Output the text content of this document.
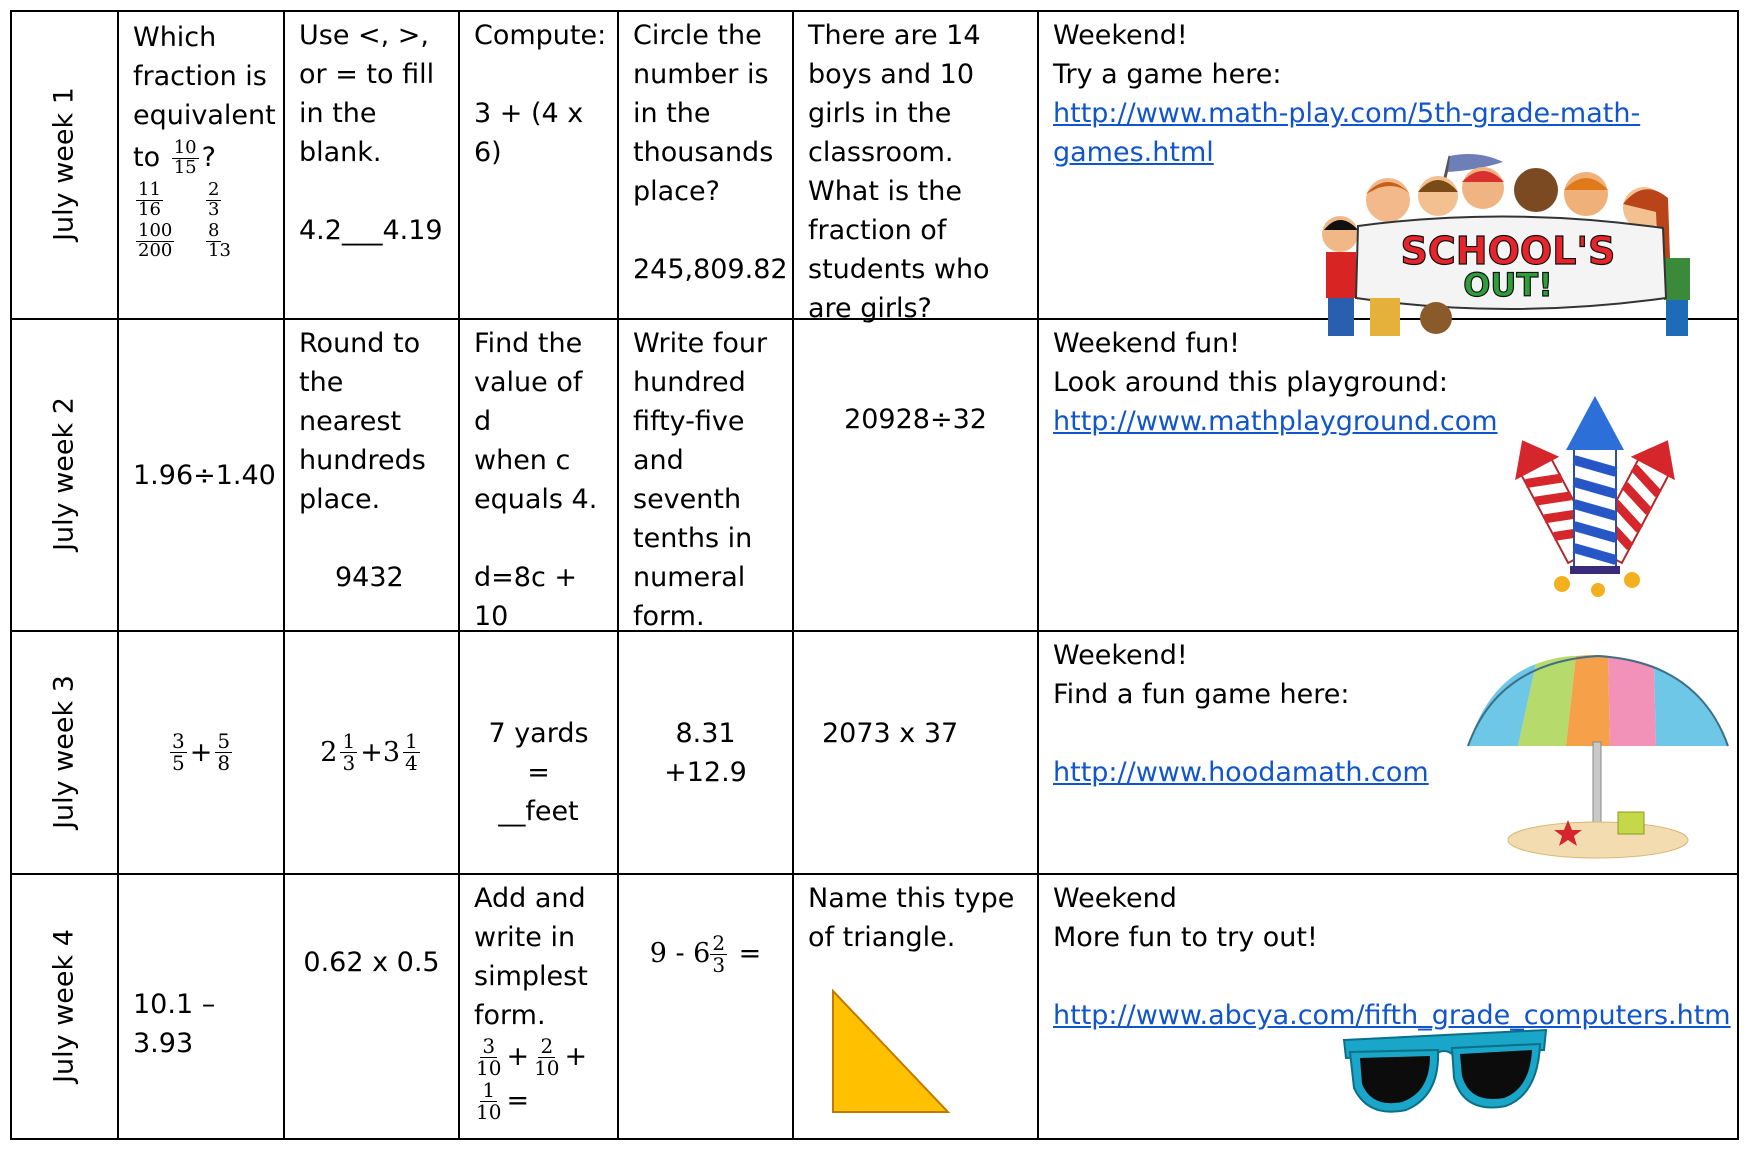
July week 1
July week 2
July week 3
July week 4
Which
fraction is
equivalent
to $\frac{10}{15}$ ?
$\frac{11}{16} \frac{2}{3}$
$\frac{100}{200} \frac{8}{13}$
Use <, >,
or = to fill
in the
blank.
4.2___4.19
Compute:
3 + (4 x 6)
Circle the
number is
in the
thousands
place?
245,809.82
There are 14
boys and 10
girls in the
classroom.
What is the
fraction of
students who
are girls?
Weekend!
Try a game here:
http://www.math-play.com/5th-grade-math-
games.html
SCHOOL'S
OUT!
1.96÷1.40
Round to
the
nearest
hundreds
place.
9432
Find the
value of d
when c
equals 4.
d=8c + 10
Write four
hundred
fifty-five
and
seventh
tenths in
numeral
form.
20928÷32
Weekend fun!
Look around this playground:
http://www.mathplayground.com
$\frac{3}{5} + \frac{5}{8}$	$2 \frac{1}{3} + 3 \frac{1}{4}$	7 yards =
__feet
8.31 +12.9
2073 x 37
Weekend!
Find a fun game here:
http://www.hoodamath.com
10.1 –3.93
0.62 x 0.5
Add and
write in
simplest
form.
$\frac{3}{10} + \frac{2}{10}$ +
$\frac{1}{10}$ =
$9 - 6 \frac{2}{3}$ =
Name this type
of triangle.
Weekend
More fun to try out!
http://www.abcya.com/fifth_grade_computers.htm
